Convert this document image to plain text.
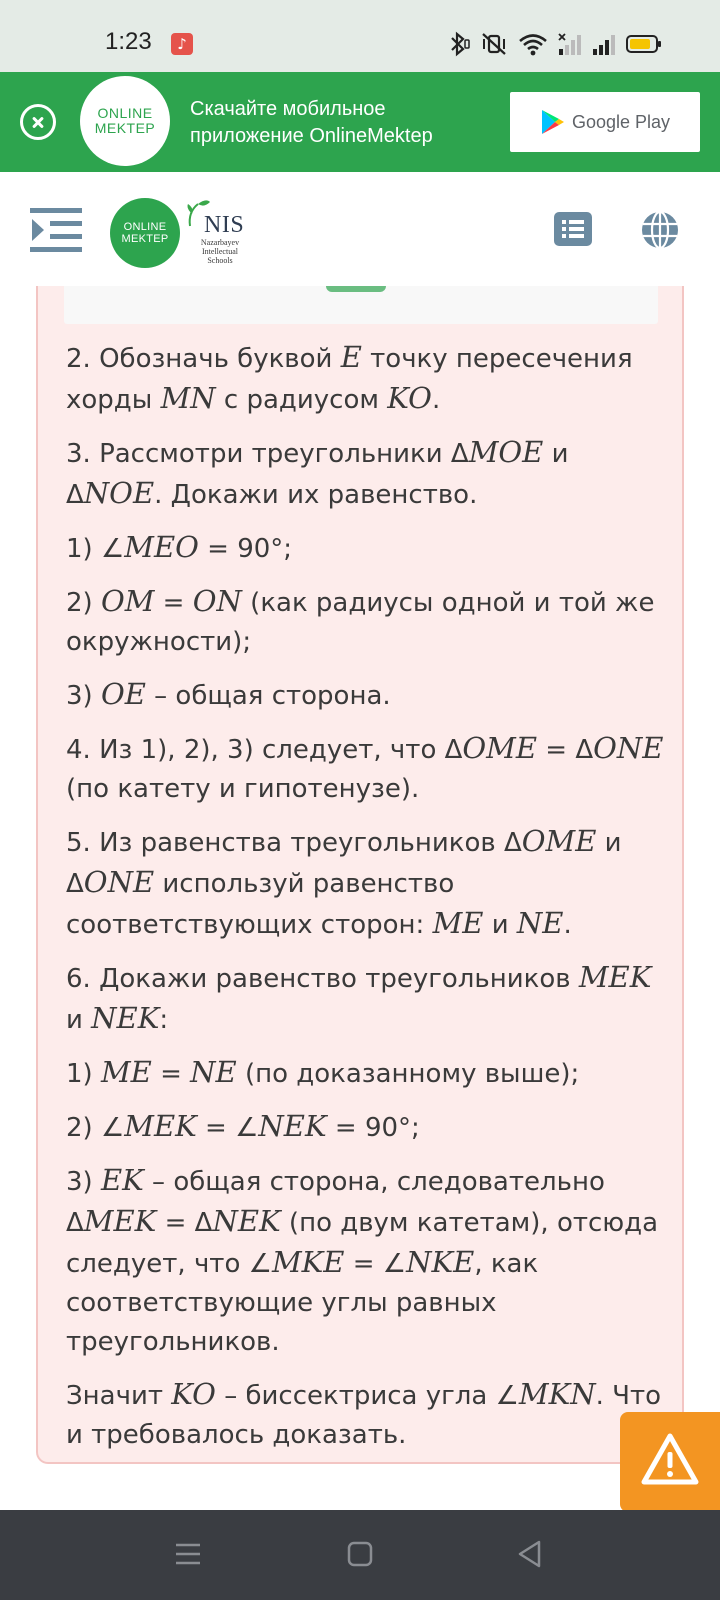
1:23	♪
ONLINE
MEKTEP
Скачайте мобильное приложение OnlineMektep
Google Play
ONLINE
MEKTEP
NIS
Nazarbayev Intellectual Schools
2. Обозначь буквой E точку пересечения хорды MN с радиусом KO.
3. Рассмотри треугольники ΔMOE и ΔNOE. Докажи их равенство.
1) ∠MEO = 90°;
2) OM = ON (как радиусы одной и той же окружности);
3) OE – общая сторона.
4. Из 1), 2), 3) следует, что ΔOME = ΔONE (по катету и гипотенузе).
5. Из равенства треугольников ΔOME и ΔONE используй равенство соответствующих сторон: ME и NE.
6. Докажи равенство треугольников MEK и NEK:
1) ME = NE (по доказанному выше);
2) ∠MEK = ∠NEK = 90°;
3) EK – общая сторона, следовательно ΔMEK = ΔNEK (по двум катетам), отсюда следует, что ∠MKE = ∠NKE, как соответствующие углы равных треугольников.
Значит KO – биссектриса угла ∠MKN. Что и требовалось доказать.
